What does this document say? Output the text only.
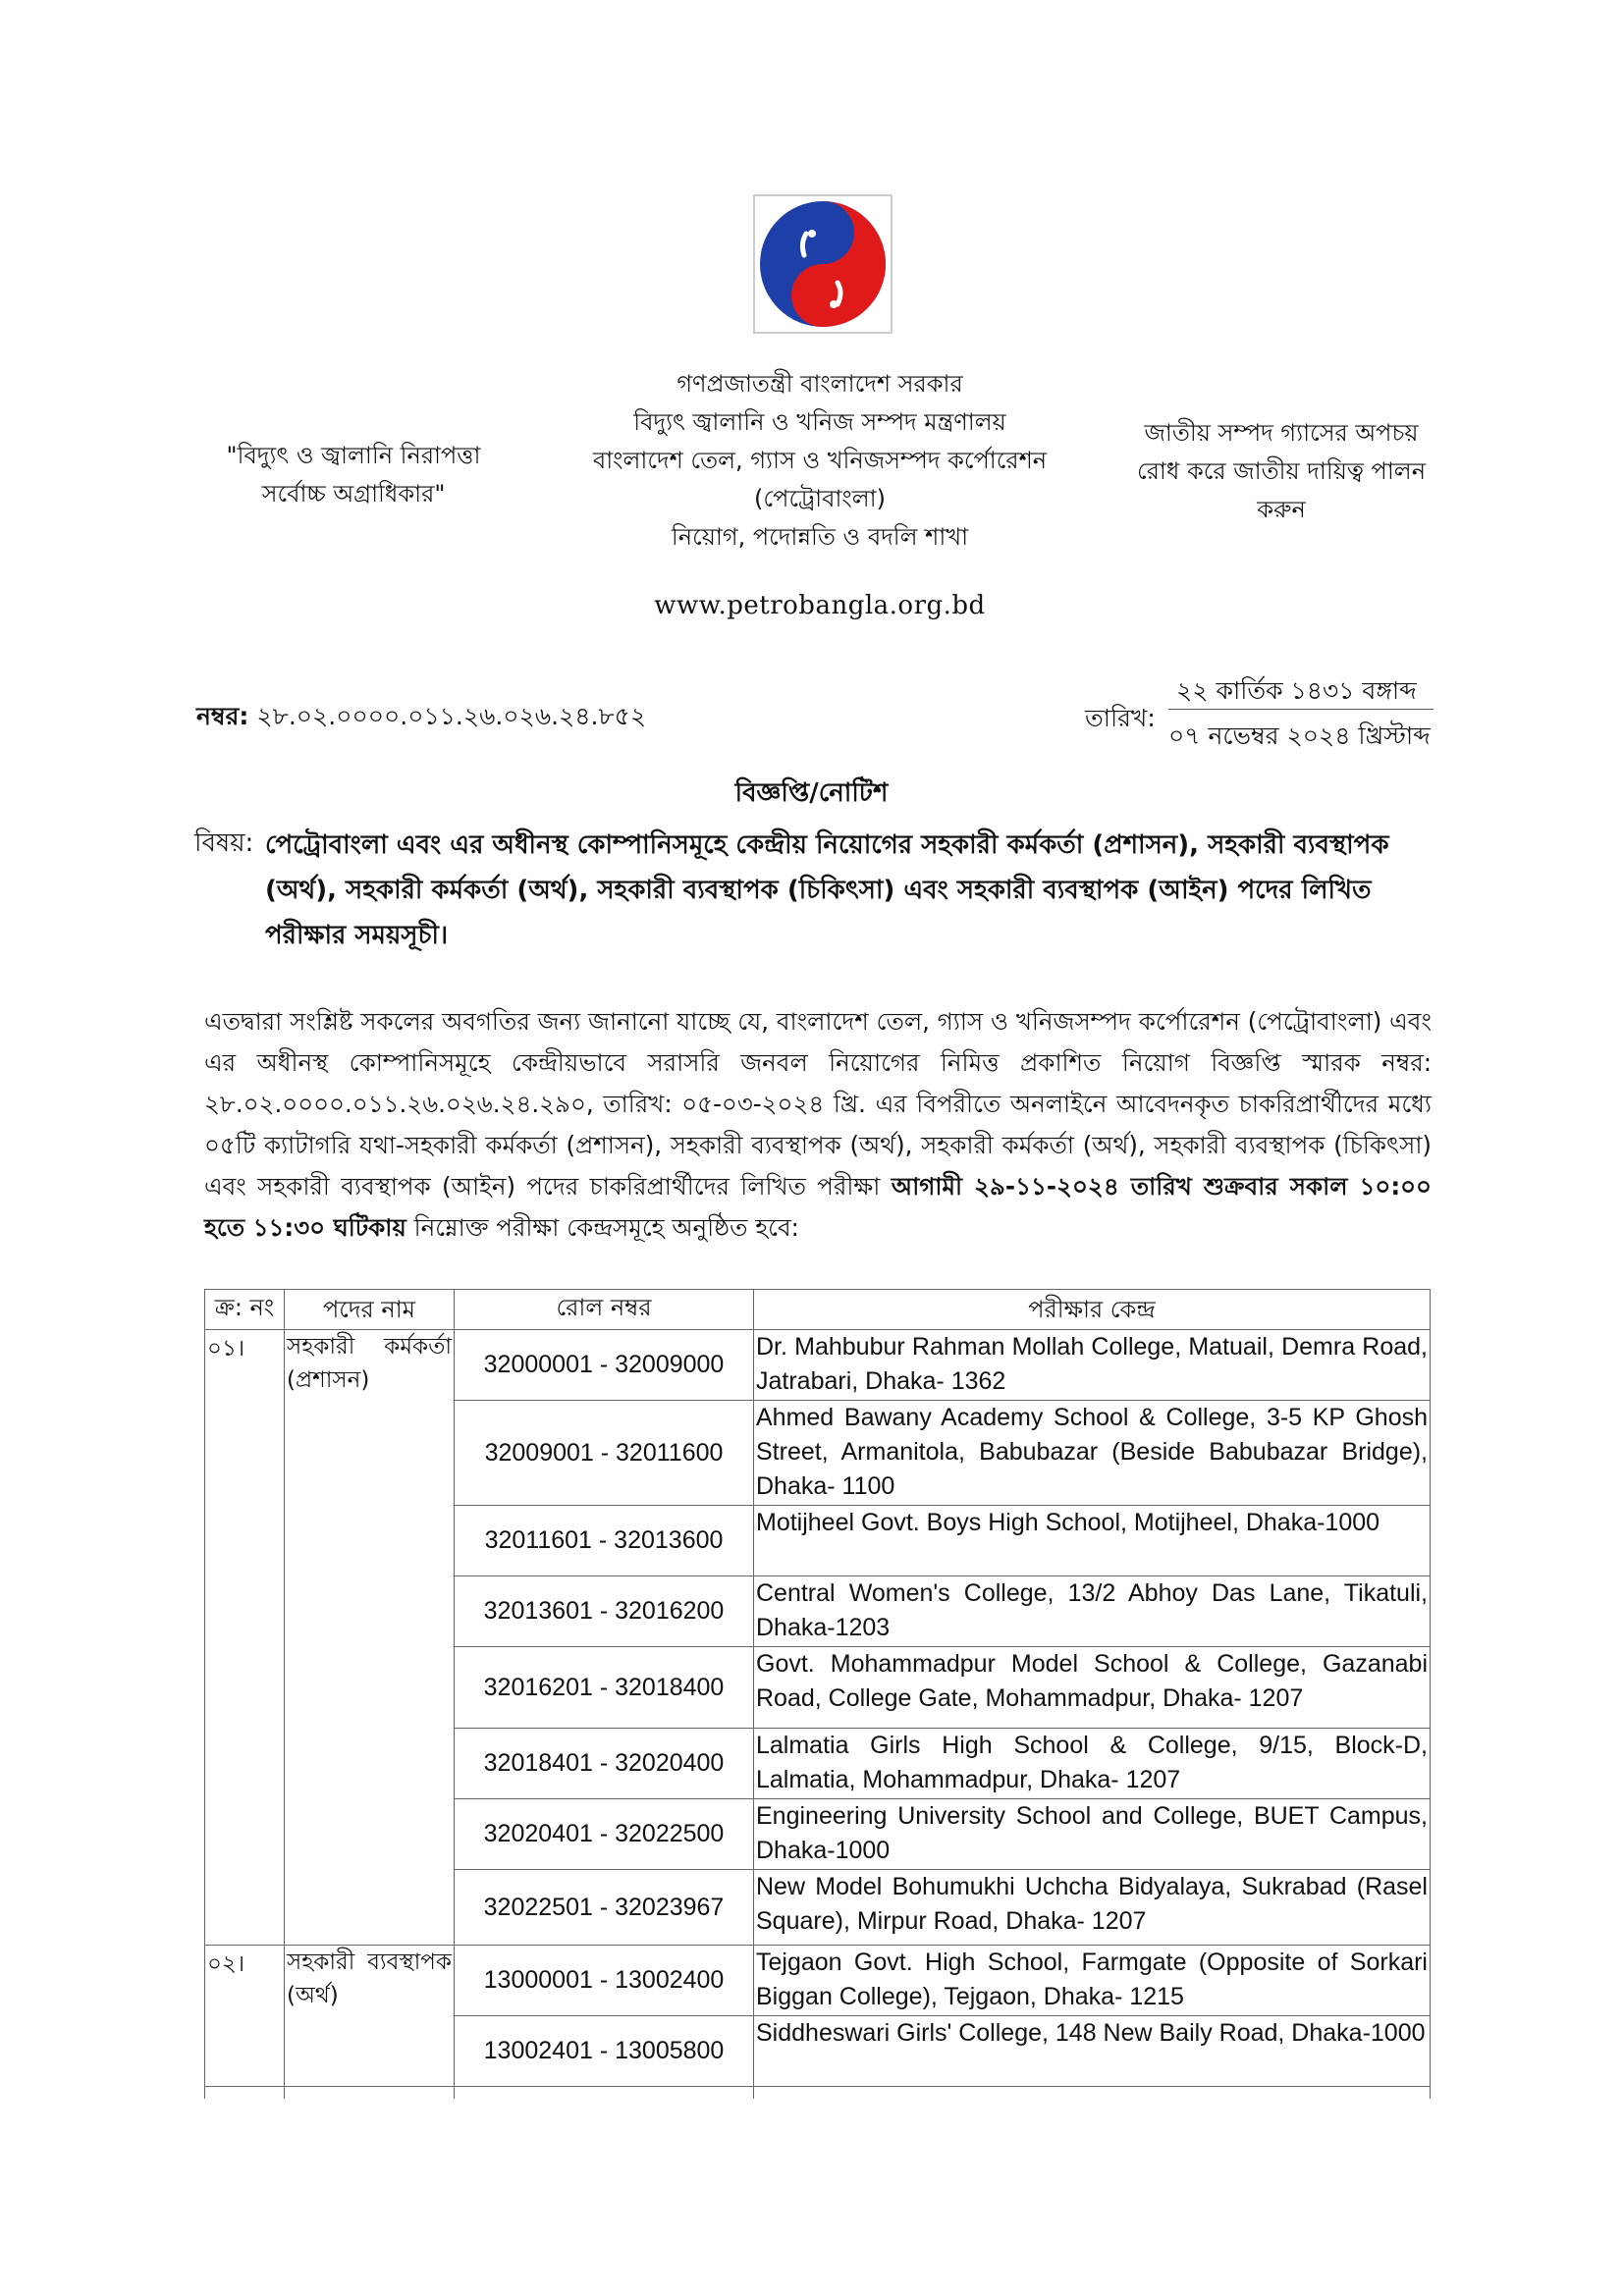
"বিদ্যুৎ ও জ্বালানি নিরাপত্তা
সর্বোচ্চ অগ্রাধিকার"
গণপ্রজাতন্ত্রী বাংলাদেশ সরকার
বিদ্যুৎ জ্বালানি ও খনিজ সম্পদ মন্ত্রণালয়
বাংলাদেশ তেল, গ্যাস ও খনিজসম্পদ কর্পোরেশন
(পেট্রোবাংলা)
নিয়োগ, পদোন্নতি ও বদলি শাখা
জাতীয় সম্পদ গ্যাসের অপচয়
রোধ করে জাতীয় দায়িত্ব পালন
করুন
www.petrobangla.org.bd
নম্বর: ২৮.০২.০০০০.০১১.২৬.০২৬.২৪.৮৫২	তারিখ:
২২ কার্তিক ১৪৩১ বঙ্গাব্দ
০৭ নভেম্বর ২০২৪ খ্রিস্টাব্দ
বিজ্ঞপ্তি/নোটিশ
বিষয়: পেট্রোবাংলা এবং এর অধীনস্থ কোম্পানিসমূহে কেন্দ্রীয় নিয়োগের সহকারী কর্মকর্তা (প্রশাসন), সহকারী ব্যবস্থাপক (অর্থ), সহকারী কর্মকর্তা (অর্থ), সহকারী ব্যবস্থাপক (চিকিৎসা) এবং সহকারী ব্যবস্থাপক (আইন) পদের লিখিত পরীক্ষার সময়সূচী।
এতদ্বারা সংশ্লিষ্ট সকলের অবগতির জন্য জানানো যাচ্ছে যে, বাংলাদেশ তেল, গ্যাস ও খনিজসম্পদ কর্পোরেশন (পেট্রোবাংলা) এবং এর অধীনস্থ কোম্পানিসমূহে কেন্দ্রীয়ভাবে সরাসরি জনবল নিয়োগের নিমিত্ত প্রকাশিত নিয়োগ বিজ্ঞপ্তি স্মারক নম্বর: ২৮.০২.০০০০.০১১.২৬.০২৬.২৪.২৯০, তারিখ: ০৫-০৩-২০২৪ খ্রি. এর বিপরীতে অনলাইনে আবেদনকৃত চাকরিপ্রার্থীদের মধ্যে ০৫টি ক্যাটাগরি যথা-সহকারী কর্মকর্তা (প্রশাসন), সহকারী ব্যবস্থাপক (অর্থ), সহকারী কর্মকর্তা (অর্থ), সহকারী ব্যবস্থাপক (চিকিৎসা) এবং সহকারী ব্যবস্থাপক (আইন) পদের চাকরিপ্রার্থীদের লিখিত পরীক্ষা আগামী ২৯-১১-২০২৪ তারিখ শুক্রবার সকাল ১০:০০ হতে ১১:৩০ ঘটিকায় নিম্নোক্ত পরীক্ষা কেন্দ্রসমূহে অনুষ্ঠিত হবে:
ক্র: নং	পদের নাম	রোল নম্বর	পরীক্ষার কেন্দ্র
০১।	সহকারী কর্মকর্তা (প্রশাসন)	32000001 - 32009000	Dr. Mahbubur Rahman Mollah College, Matuail, Demra Road, Jatrabari, Dhaka- 1362
		32009001 - 32011600	Ahmed Bawany Academy School & College, 3-5 KP Ghosh Street, Armanitola, Babubazar (Beside Babubazar Bridge), Dhaka- 1100
		32011601 - 32013600	Motijheel Govt. Boys High School, Motijheel, Dhaka-1000
		32013601 - 32016200	Central Women's College, 13/2 Abhoy Das Lane, Tikatuli, Dhaka-1203
		32016201 - 32018400	Govt. Mohammadpur Model School & College, Gazanabi Road, College Gate, Mohammadpur, Dhaka- 1207
		32018401 - 32020400	Lalmatia Girls High School & College, 9/15, Block-D, Lalmatia, Mohammadpur, Dhaka- 1207
		32020401 - 32022500	Engineering University School and College, BUET Campus, Dhaka-1000
		32022501 - 32023967	New Model Bohumukhi Uchcha Bidyalaya, Sukrabad (Rasel Square), Mirpur Road, Dhaka- 1207
০২।	সহকারী ব্যবস্থাপক (অর্থ)	13000001 - 13002400	Tejgaon Govt. High School, Farmgate (Opposite of Sorkari Biggan College), Tejgaon, Dhaka- 1215
		13002401 - 13005800	Siddheswari Girls' College, 148 New Baily Road, Dhaka-1000
